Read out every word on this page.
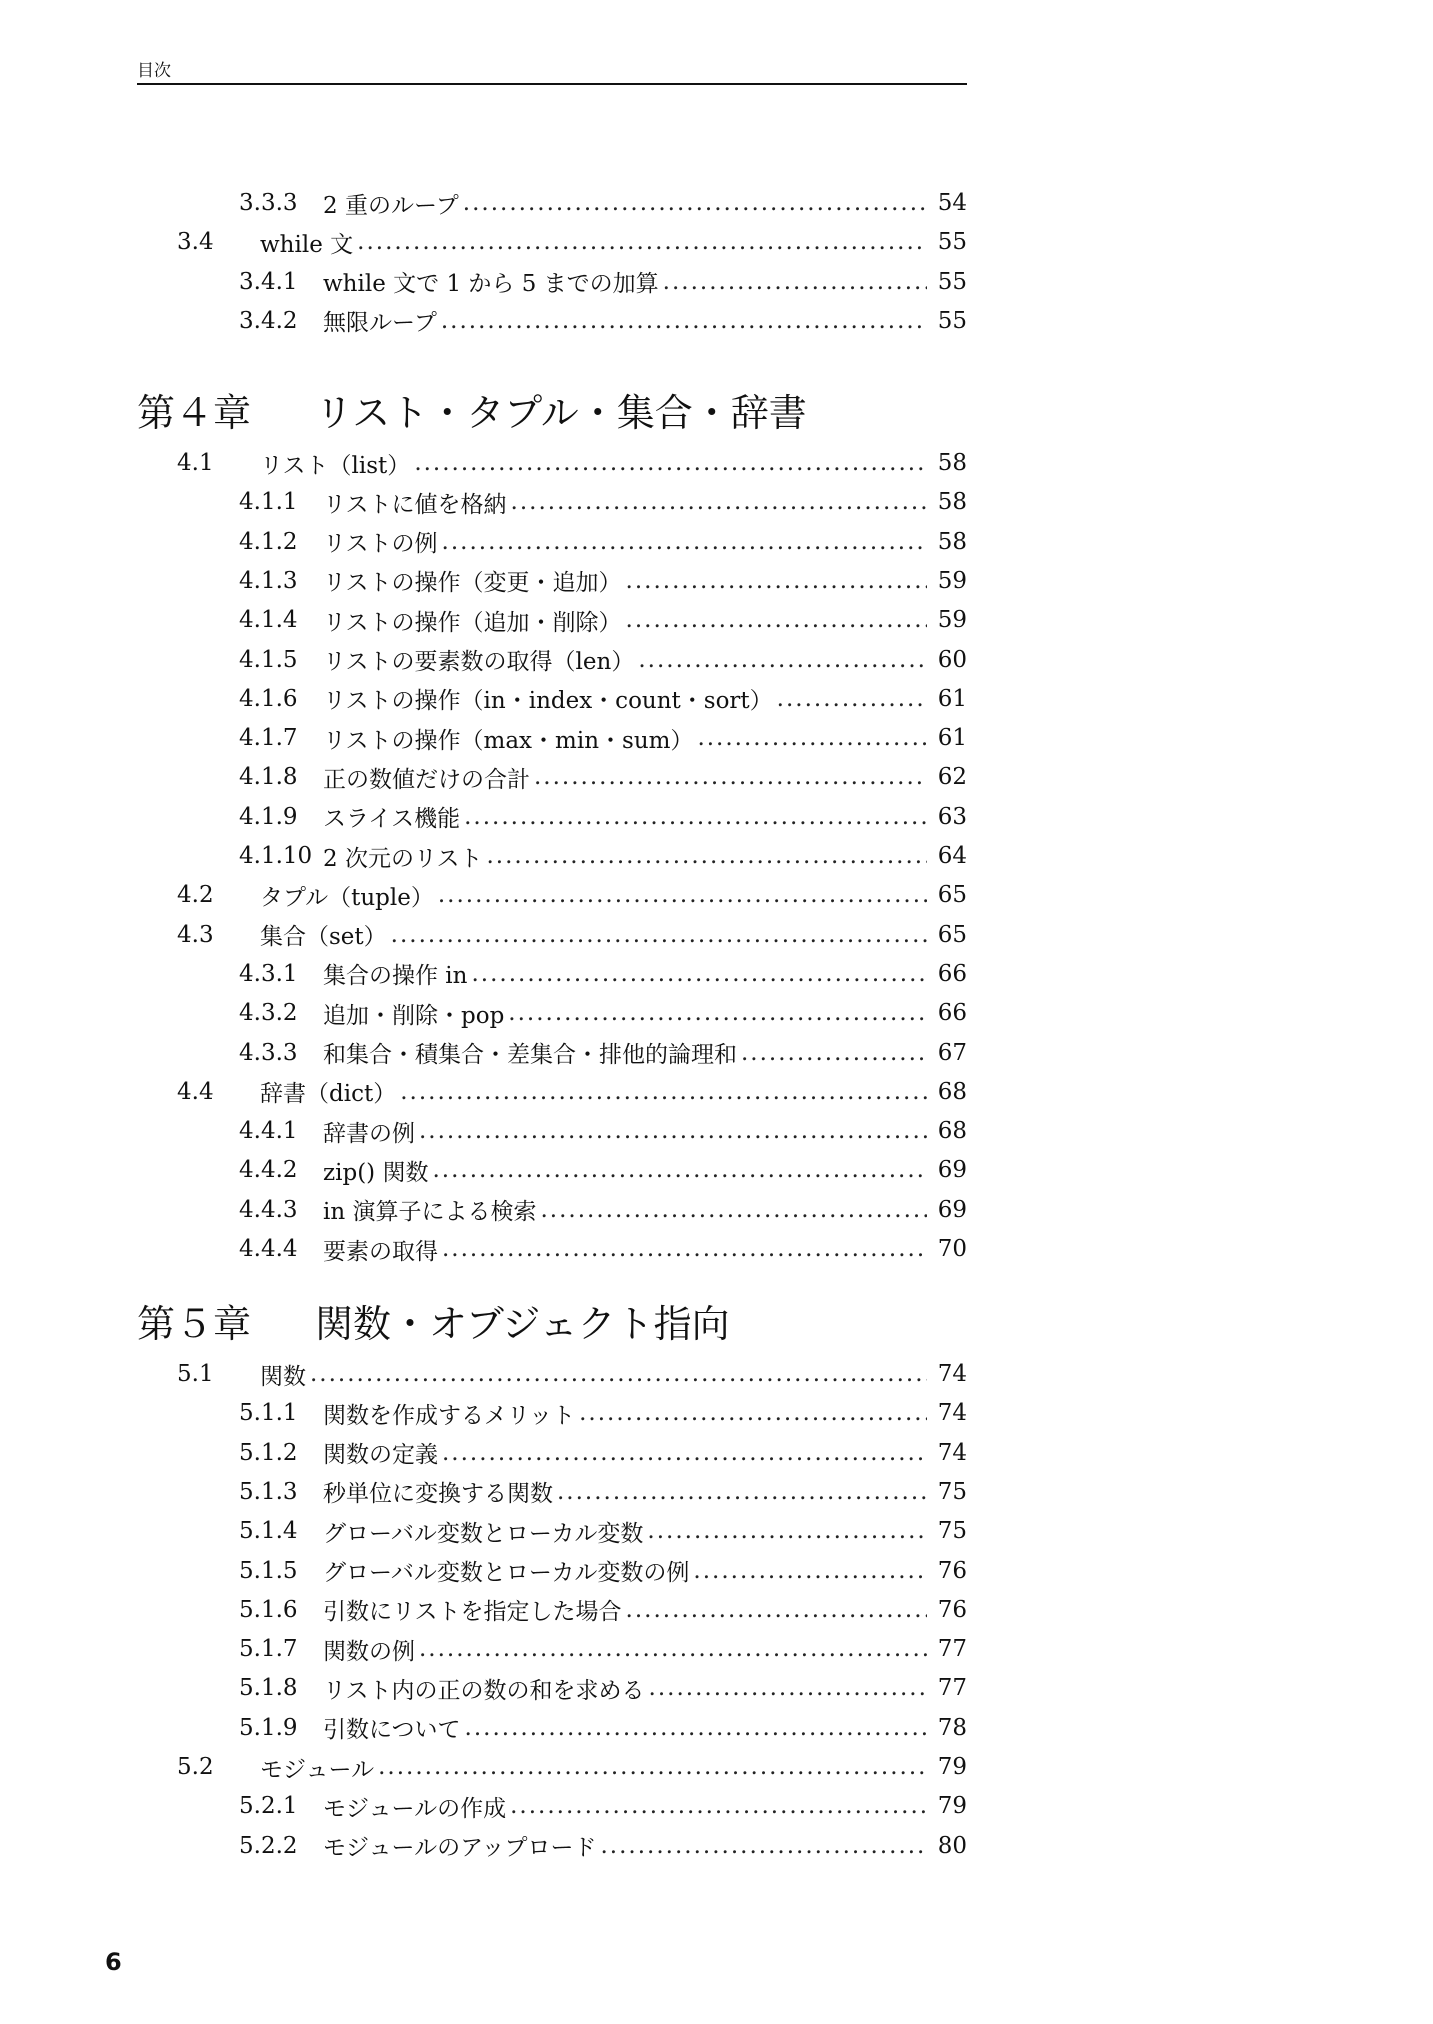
目次
3.3.3 2 重のループ .....	54
3.4 while 文 .....	55
3.4.1 while 文で 1 から 5 までの加算 .....	55
3.4.2 無限ループ .....	55
第４章 リスト・タプル・集合・辞書
4.1 リスト（list） .....	58
4.1.1 リストに値を格納 .....	58
4.1.2 リストの例 .....	58
4.1.3 リストの操作（変更・追加） .....	59
4.1.4 リストの操作（追加・削除） .....	59
4.1.5 リストの要素数の取得（len） .....	60
4.1.6 リストの操作（in・index・count・sort） .....	61
4.1.7 リストの操作（max・min・sum） .....	61
4.1.8 正の数値だけの合計 .....	62
4.1.9 スライス機能 .....	63
4.1.10 2 次元のリスト .....	64
4.2 タプル（tuple） .....	65
4.3 集合（set） .....	65
4.3.1 集合の操作 in .....	66
4.3.2 追加・削除・pop .....	66
4.3.3 和集合・積集合・差集合・排他的論理和 .....	67
4.4 辞書（dict） .....	68
4.4.1 辞書の例 .....	68
4.4.2 zip() 関数 .....	69
4.4.3 in 演算子による検索 .....	69
4.4.4 要素の取得 .....	70
第５章 関数・オブジェクト指向
5.1 関数 .....	74
5.1.1 関数を作成するメリット .....	74
5.1.2 関数の定義 .....	74
5.1.3 秒単位に変換する関数 .....	75
5.1.4 グローバル変数とローカル変数 .....	75
5.1.5 グローバル変数とローカル変数の例 .....	76
5.1.6 引数にリストを指定した場合 .....	76
5.1.7 関数の例 .....	77
5.1.8 リスト内の正の数の和を求める .....	77
5.1.9 引数について .....	78
5.2 モジュール .....	79
5.2.1 モジュールの作成 .....	79
5.2.2 モジュールのアップロード .....	80
6
